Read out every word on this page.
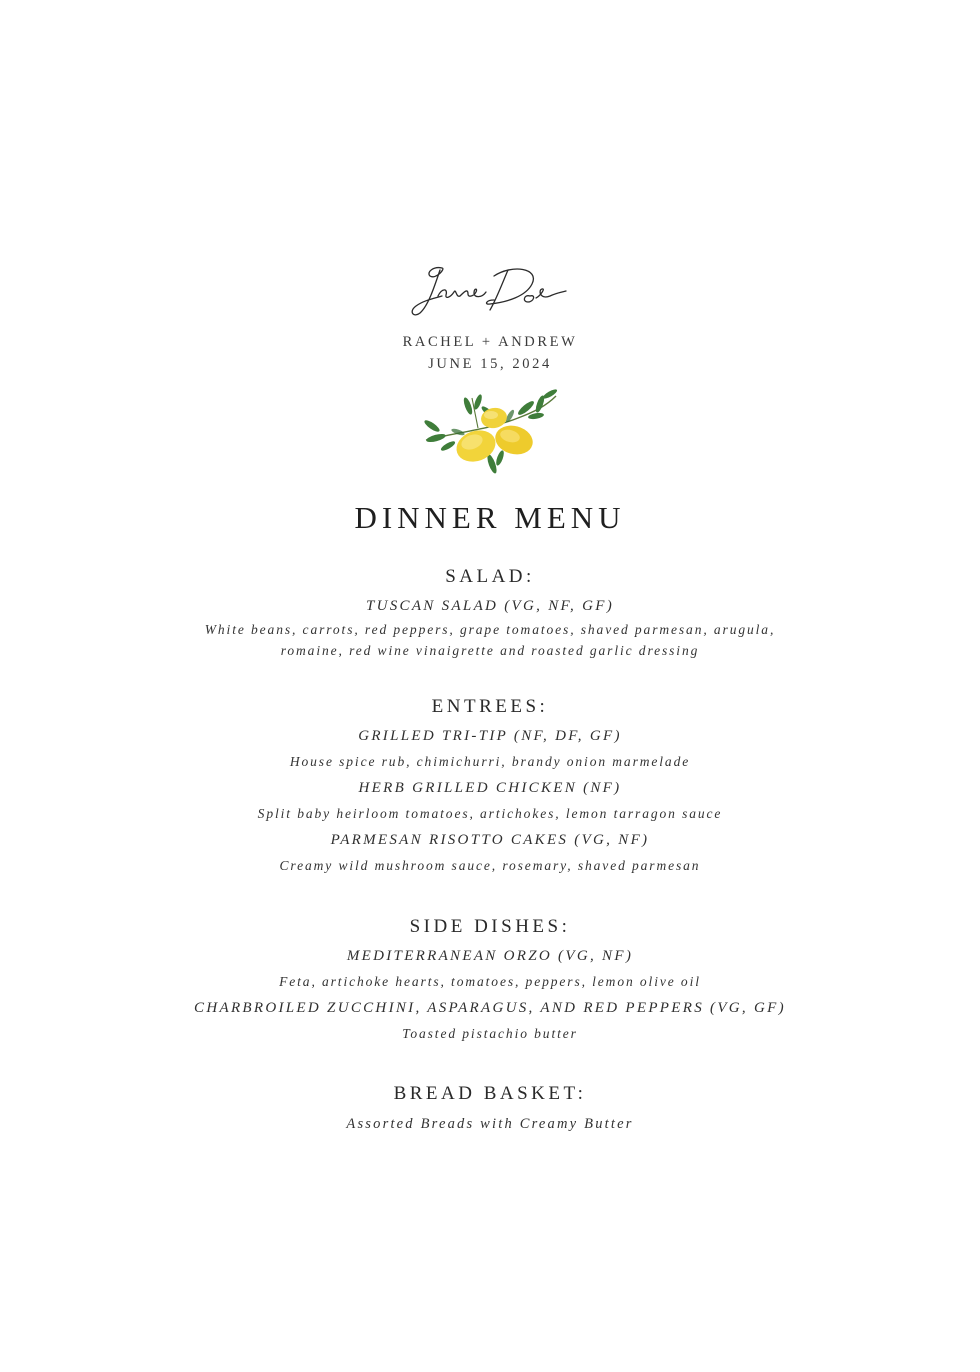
RACHEL + ANDREW
JUNE 15, 2024
DINNER MENU
SALAD:
TUSCAN SALAD (VG, NF, GF)
White beans, carrots, red peppers, grape tomatoes, shaved parmesan, arugula,
romaine, red wine vinaigrette and roasted garlic dressing
ENTREES:
GRILLED TRI-TIP (NF, DF, GF)
House spice rub, chimichurri, brandy onion marmelade
HERB GRILLED CHICKEN (NF)
Split baby heirloom tomatoes, artichokes, lemon tarragon sauce
PARMESAN RISOTTO CAKES (VG, NF)
Creamy wild mushroom sauce, rosemary, shaved parmesan
SIDE DISHES:
MEDITERRANEAN ORZO (VG, NF)
Feta, artichoke hearts, tomatoes, peppers, lemon olive oil
CHARBROILED ZUCCHINI, ASPARAGUS, AND RED PEPPERS (VG, GF)
Toasted pistachio butter
BREAD BASKET:
Assorted Breads with Creamy Butter
